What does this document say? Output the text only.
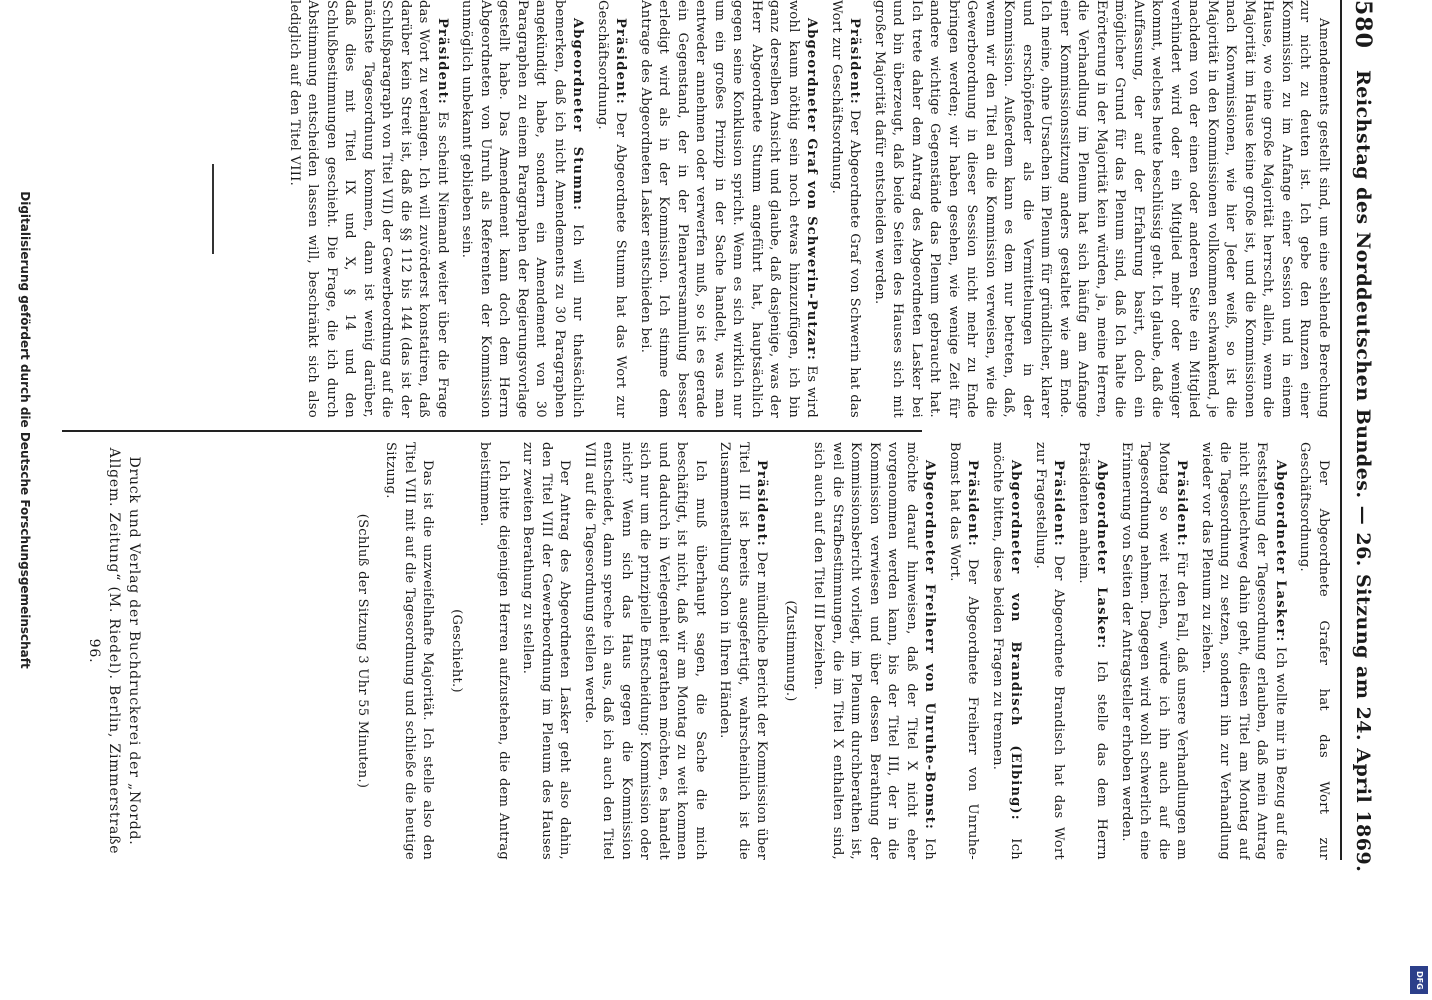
580
Reichstag des Norddeutschen Bundes. — 26. Sitzung am 24. April 1869.

Amendements gestellt sind, um eine sehlende Berechung zur nicht zu deuten ist. Ich gebe den Runzen einer Kommission zu im Anfange einer Session und in einem Hause, wo eine große Majorität herrscht, allein, wenn die Majorität im Hause keine große ist, und die Kommissionen nach Konwmissionen, wie hier Jeder weiß, so ist die Majorität in den Kommissionen vollkommen schwankend, je nachdem von der einen oder anderen Seite ein Mitglied verhindert wird oder ein Mitglied mehr oder weniger kommt, welches heute beschlüssig geht. Ich glaube, daß die Auffassung, der auf der Erfahrung basirt, doch ein möglicher Grund für das Plenum sind, daß Ich halte die Erörterung in der Majorität kein würden, ja, meine Herren, die Verhandlung im Plenum hat sich häufig am Anfange einer Kommissionssitzung anders gestaltet wie am Ende. Ich meine, ohne Ursachen im Plenum für gründlicher, klarer und erschöpfender als die Vermittelungen in der Kommission. Außerdem kann es dem nur betreten, daß, wenn wir den Titel an die Kommission verweisen, wie die Gewerbeordnung in dieser Session nicht mehr zu Ende bringen werden; wir haben gesehen, wie wenige Zeit für andere wichtige Gegenstände das Plenum gebraucht hat. Ich trete daher dem Antrag des Abgeordneten Lasker bei und bin überzeugt, daß beide Seiten des Hauses sich mit großer Majorität dafür entscheiden werden.

Präsident: Der Abgeordnete Graf von Schwerin hat das Wort zur Geschäftsordnung.

Abgeordneter Graf von Schwerin-Putzar: Es wird wohl kaum nöthig sein noch etwas hinzuzufügen, ich bin ganz derselben Ansicht und glaube, daß dasjenige, was der Herr Abgeordnete Stumm angeführt hat, hauptsächlich gegen seine Konklusion spricht. Wenn es sich wirklich nur um ein großes Prinzip in der Sache handelt, was man entweder annehmen oder verwerfen muß, so ist es gerade ein Gegenstand, der in der Plenarversammlung besser erledigt wird als in der Kommission. Ich stimme dem Antrage des Abgeordneten Lasker entschieden bei.

Präsident: Der Abgeordnete Stumm hat das Wort zur Geschäftsordnung.

Abgeordneter Stumm: Ich will nur thatsächlich bemerken, daß ich nicht Amendements zu 30 Paragraphen angekündigt habe, sondern ein Amendement von 30 Paragraphen zu einem Paragraphen der Regierungsvorlage gestellt habe. Das Amendement kann doch dem Herrn Abgeordneten von Unruh als Referenten der Kommission unmöglich unbekannt geblieben sein.

Präsident: Es scheint Niemand weiter über die Frage das Wort zu verlangen. Ich will zuvörderst konstatiren, daß darüber kein Streit ist, daß die §§ 112 bis 144 (das ist der Schlußparagraph von Titel VII) der Gewerbeordnung auf die nächste Tagesordnung kommen, dann ist wenig darüber, daß dies mit Titel IX und X, § 14 und den Schlußbestimmungen geschieht. Die Frage, die ich durch Abstimmung entscheiden lassen will, beschränkt sich also lediglich auf den Titel VIII.

Der Abgeordnete Grafer hat das Wort zur Geschäftsordnung.

Abgeordneter Lasker: Ich wollte mir in Bezug auf die Feststellung der Tagesordnung erlauben, daß mein Antrag nicht schlechtweg dahin geht, diesen Titel am Montag auf die Tagesordnung zu setzen, sondern ihn zur Verhandlung wieder vor das Plenum zu ziehen.

Präsident: Für den Fall, daß unsere Verhandlungen am Montag so weit reichen, würde ich ihn auch auf die Tagesordnung nehmen. Dagegen wird wohl schwerlich eine Erinnerung von Seiten der Antragsteller erhoben werden.

Abgeordneter Lasker: Ich stelle das dem Herrn Präsidenten anheim.

Präsident: Der Abgeordnete Brandisch hat das Wort zur Fragestellung.

Abgeordneter von Brandisch (Elbing): Ich möchte bitten, diese beiden Fragen zu trennen.

Präsident: Der Abgeordnete Freiherr von Unruhe-Bomst hat das Wort.

Abgeordneter Freiherr von Unruhe-Bomst: Ich möchte darauf hinweisen, daß der Titel X nicht eher vorgenommen werden kann, bis der Titel III, der in die Kommission verwiesen und über dessen Berathung der Kommissionsbericht vorliegt, im Plenum durchberathen ist, weil die Strafbestimmungen, die im Titel X enthalten sind, sich auch auf den Titel III beziehen.

(Zustimmung.)

Präsident: Der mündliche Bericht der Kommission über Titel III ist bereits ausgefertigt, wahrscheinlich ist die Zusammenstellung schon in Ihren Händen.

Ich muß überhaupt sagen, die Sache die mich beschäftigt, ist nicht, daß wir am Montag zu weit kommen und dadurch in Verlegenheit gerathen möchten, es handelt sich nur um die prinzipielle Entscheidung: Kommission oder nicht? Wenn sich das Haus gegen die Kommission entscheidet, dann spreche ich aus, daß ich auch den Titel VIII auf die Tagesordnung stellen werde.

Der Antrag des Abgeordneten Lasker geht also dahin, den Titel VIII der Gewerbeordnung im Plenum des Hauses zur zweiten Berathung zu stellen.

Ich bitte diejenigen Herren aufzustehen, die dem Antrag beistimmen.

(Geschieht.)

Das ist die unzweifelhafte Majorität. Ich stelle also den Titel VIII mit auf die Tagesordnung und schließe die heutige Sitzung.

(Schluß der Sitzung 3 Uhr 55 Minuten.)

Druck und Verlag der Buchdruckerei der „Nordd. Allgem. Zeitung“ (M. Riedel). Berlin, Zimmerstraße 96.
Digitalisierung gefördert durch die Deutsche Forschungsgemeinschaft
DFG
